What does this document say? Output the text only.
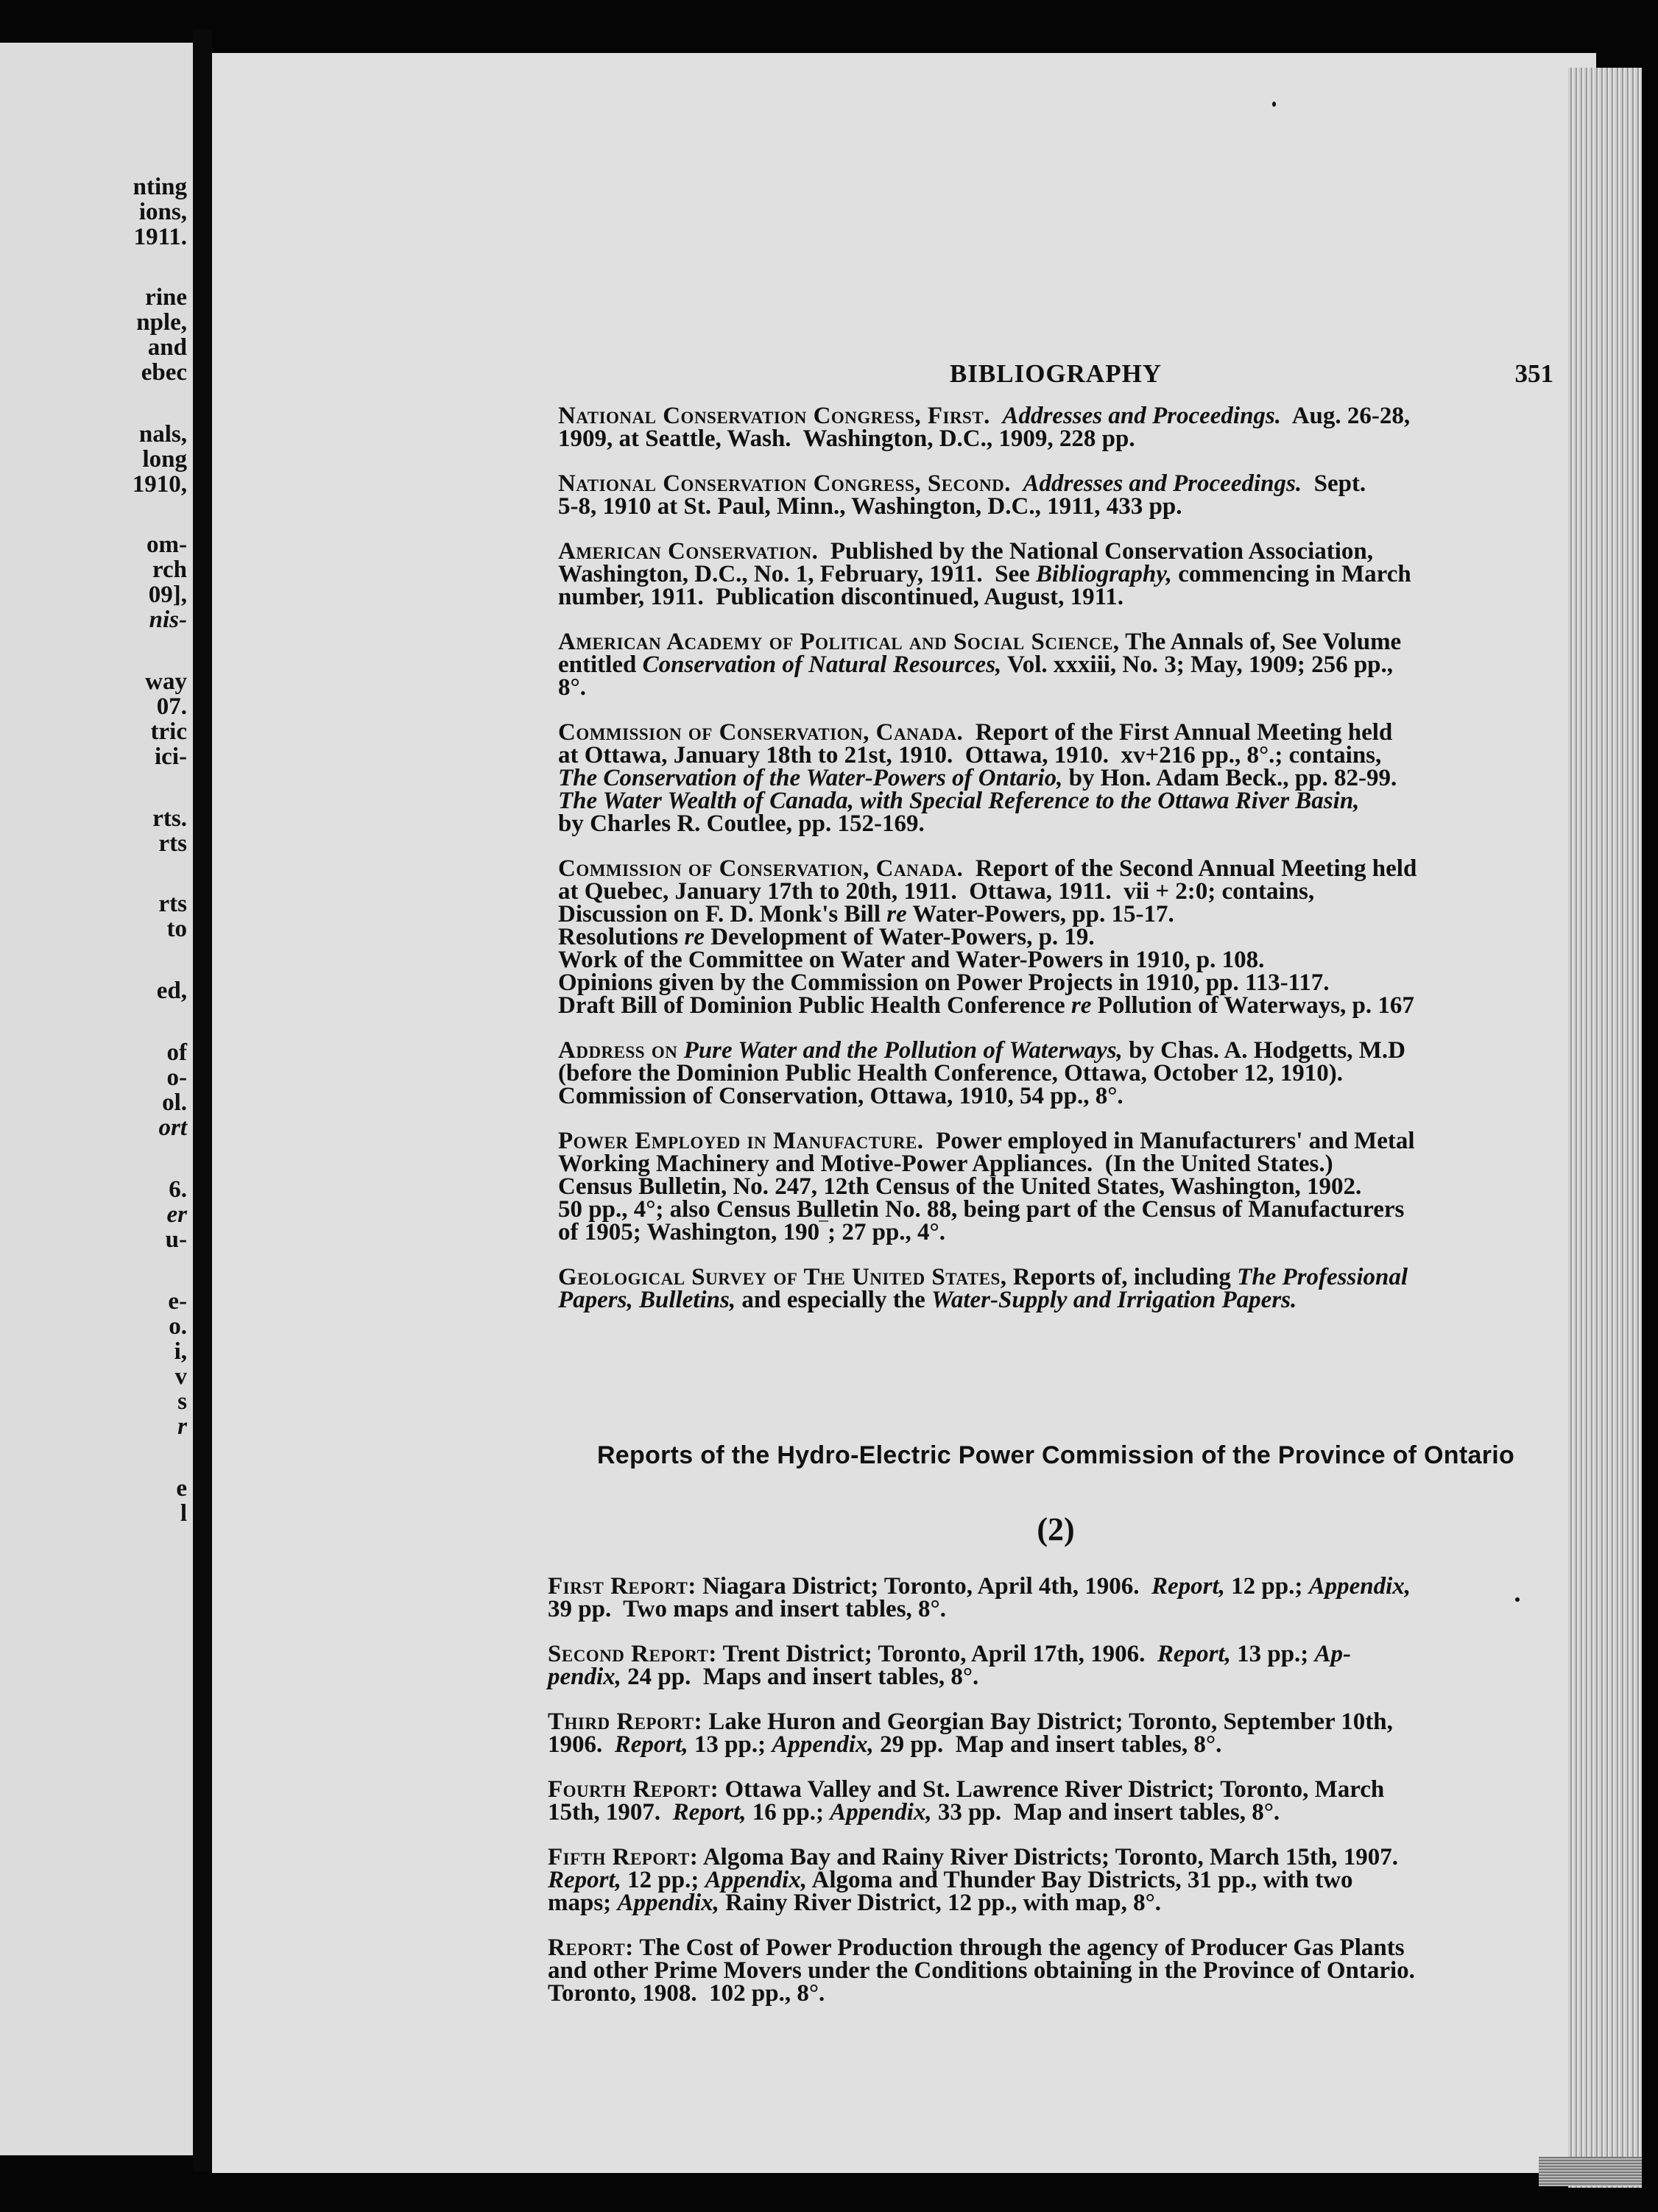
nting
ions,
1911.
rine
nple,
and
ebec
nals,
long
1910,
om-
rch
09],
nis-
way
07.
tric
ici-
rts.
rts
rts
to
ed,
of
o-
ol.
ort
6.
er
u-
e-
o.
i,
v
s
r
e
l
BIBLIOGRAPHY	351
National Conservation Congress, First. Addresses and Proceedings.  Aug. 26-28,
1909, at Seattle, Wash.  Washington, D.C., 1909, 228 pp.
National Conservation Congress, Second. Addresses and Proceedings.  Sept.
5-8, 1910 at St. Paul, Minn., Washington, D.C., 1911, 433 pp.
American Conservation.  Published by the National Conservation Association,
Washington, D.C., No. 1, February, 1911.  See Bibliography, commencing in March
number, 1911.  Publication discontinued, August, 1911.
American Academy of Political and Social Science, The Annals of, See Volume
entitled Conservation of Natural Resources, Vol. xxxiii, No. 3; May, 1909; 256 pp.,
8°.
Commission of Conservation, Canada.  Report of the First Annual Meeting held
at Ottawa, January 18th to 21st, 1910.  Ottawa, 1910.  xv+216 pp., 8°.; contains,
The Conservation of the Water-Powers of Ontario, by Hon. Adam Beck., pp. 82-99.
The Water Wealth of Canada, with Special Reference to the Ottawa River Basin,
by Charles R. Coutlee, pp. 152-169.
Commission of Conservation, Canada.  Report of the Second Annual Meeting held
at Quebec, January 17th to 20th, 1911.  Ottawa, 1911.  vii + 2:0; contains,
Discussion on F. D. Monk's Bill re Water-Powers, pp. 15-17.
Resolutions re Development of Water-Powers, p. 19.
Work of the Committee on Water and Water-Powers in 1910, p. 108.
Opinions given by the Commission on Power Projects in 1910, pp. 113-117.
Draft Bill of Dominion Public Health Conference re Pollution of Waterways, p. 167
Address on Pure Water and the Pollution of Waterways, by Chas. A. Hodgetts, M.D
(before the Dominion Public Health Conference, Ottawa, October 12, 1910).
Commission of Conservation, Ottawa, 1910, 54 pp., 8°.
Power Employed in Manufacture.  Power employed in Manufacturers' and Metal
Working Machinery and Motive-Power Appliances.  (In the United States.)
Census Bulletin, No. 247, 12th Census of the United States, Washington, 1902.
50 pp., 4°; also Census Bulletin No. 88, being part of the Census of Manufacturers
of 1905; Washington, 190‾; 27 pp., 4°.
Geological Survey of The United States, Reports of, including The Professional
Papers, Bulletins, and especially the Water-Supply and Irrigation Papers.
Reports of the Hydro-Electric Power Commission of the Province of Ontario
(2)
First Report: Niagara District; Toronto, April 4th, 1906.  Report, 12 pp.; Appendix,
39 pp.  Two maps and insert tables, 8°.
Second Report: Trent District; Toronto, April 17th, 1906.  Report, 13 pp.; Ap-
pendix, 24 pp.  Maps and insert tables, 8°.
Third Report: Lake Huron and Georgian Bay District; Toronto, September 10th,
1906.  Report, 13 pp.; Appendix, 29 pp.  Map and insert tables, 8°.
Fourth Report: Ottawa Valley and St. Lawrence River District; Toronto, March
15th, 1907.  Report, 16 pp.; Appendix, 33 pp.  Map and insert tables, 8°.
Fifth Report: Algoma Bay and Rainy River Districts; Toronto, March 15th, 1907.
Report, 12 pp.; Appendix, Algoma and Thunder Bay Districts, 31 pp., with two
maps; Appendix, Rainy River District, 12 pp., with map, 8°.
Report: The Cost of Power Production through the agency of Producer Gas Plants
and other Prime Movers under the Conditions obtaining in the Province of Ontario.
Toronto, 1908.  102 pp., 8°.
